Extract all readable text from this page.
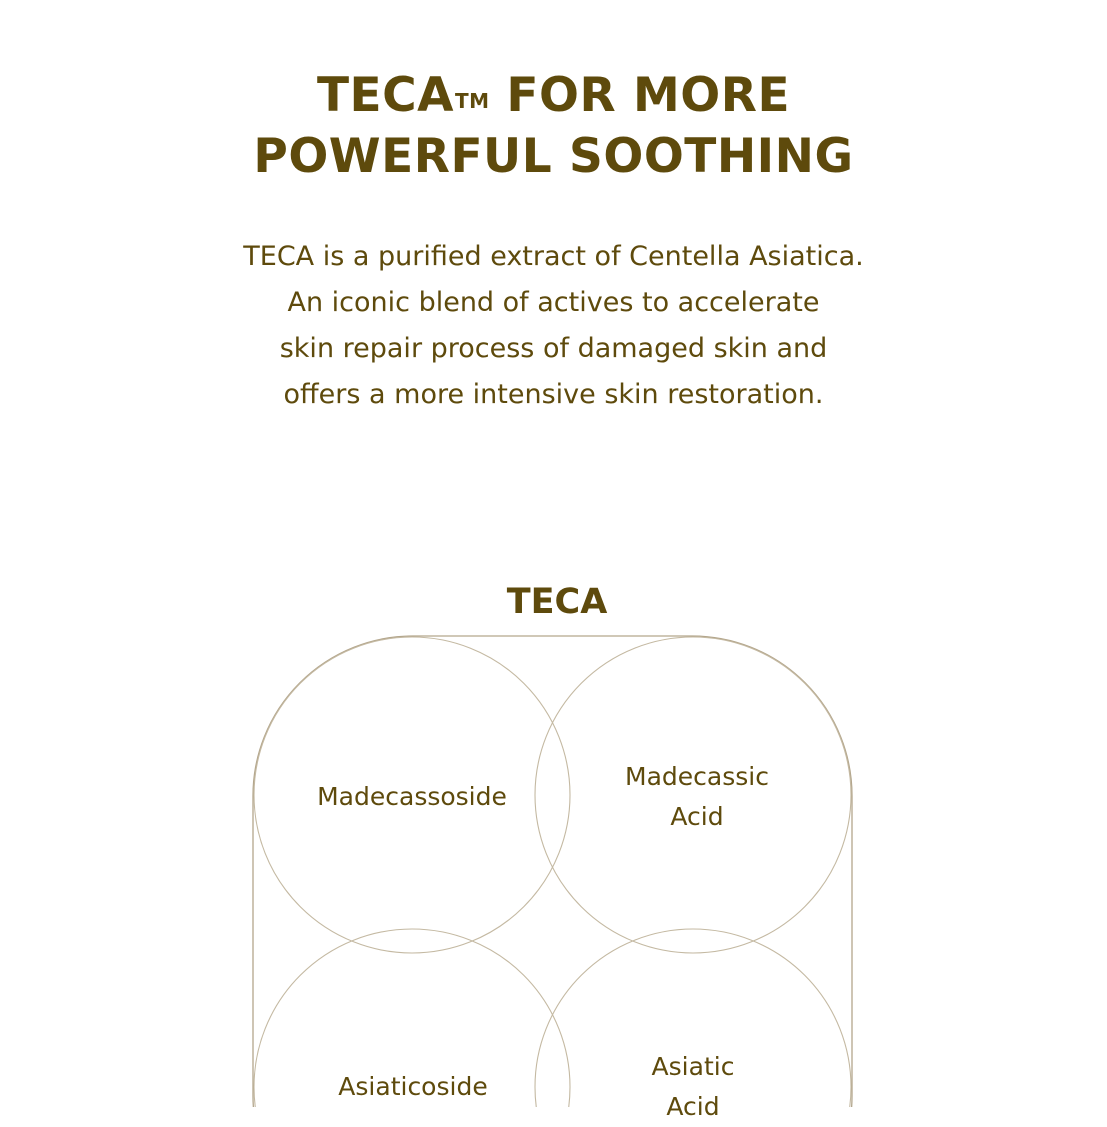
TECA™ FOR MORE
POWERFUL SOOTHING
TECA is a purified extract of Centella Asiatica.
An iconic blend of actives to accelerate
skin repair process of damaged skin and
offers a more intensive skin restoration.
TECA
Madecassoside
Madecassic
Acid
Asiaticoside
Asiatic
Acid
